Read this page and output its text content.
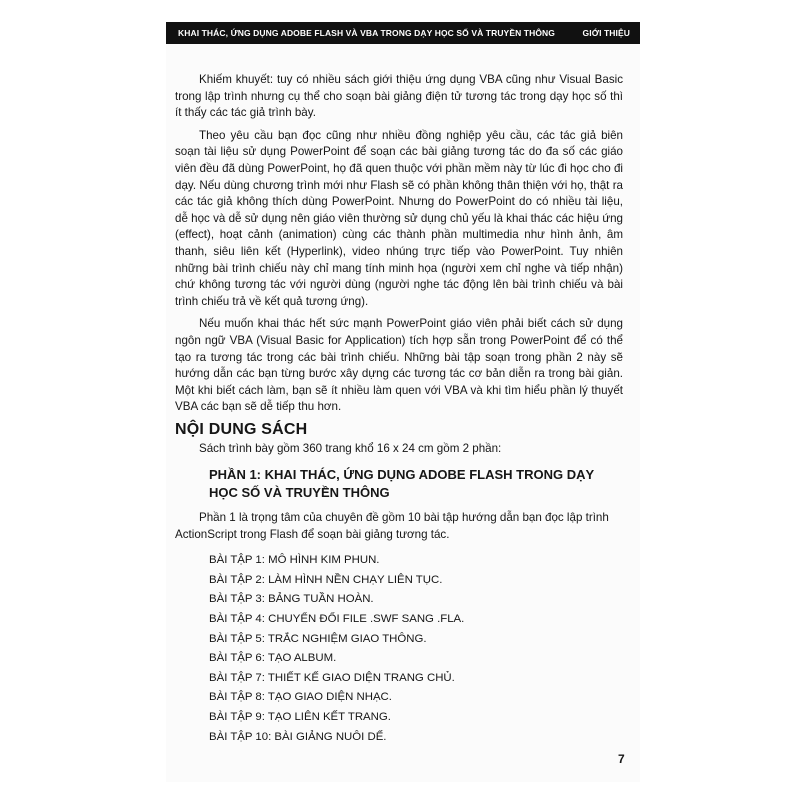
KHAI THÁC, ỨNG DỤNG ADOBE FLASH VÀ VBA TRONG DẠY HỌC SỐ VÀ TRUYỀN THÔNG	GIỚI THIỆU

Khiếm khuyết: tuy có nhiều sách giới thiệu ứng dụng VBA cũng như Visual Basic trong lập trình nhưng cụ thể cho soạn bài giảng điện tử tương tác trong dạy học số thì ít thấy các tác giả trình bày.

Theo yêu cầu bạn đọc cũng như nhiều đồng nghiệp yêu cầu, các tác giả biên soạn tài liệu sử dụng PowerPoint để soạn các bài giảng tương tác do đa số các giáo viên đều đã dùng PowerPoint, họ đã quen thuộc với phần mềm này từ lúc đi học cho đi dạy. Nếu dùng chương trình mới như Flash sẽ có phần không thân thiện với họ, thật ra các tác giả không thích dùng PowerPoint. Nhưng do PowerPoint do có nhiều tài liệu, dễ học và dễ sử dụng nên giáo viên thường sử dụng chủ yếu là khai thác các hiệu ứng (effect), hoạt cảnh (animation) cùng các thành phần multimedia như hình ảnh, âm thanh, siêu liên kết (Hyperlink), video nhúng trực tiếp vào PowerPoint. Tuy nhiên những bài trình chiếu này chỉ mang tính minh họa (người xem chỉ nghe và tiếp nhận) chứ không tương tác với người dùng (người nghe tác động lên bài trình chiếu và bài trình chiếu trả về kết quả tương ứng).

Nếu muốn khai thác hết sức mạnh PowerPoint giáo viên phải biết cách sử dụng ngôn ngữ VBA (Visual Basic for Application) tích hợp sẵn trong PowerPoint để có thể tạo ra tương tác trong các bài trình chiếu. Những bài tập soạn trong phần 2 này sẽ hướng dẫn các bạn từng bước xây dựng các tương tác cơ bản diễn ra trong bài giản. Một khi biết cách làm, bạn sẽ ít nhiều làm quen với VBA và khi tìm hiểu phần lý thuyết VBA các bạn sẽ dễ tiếp thu hơn.

NỘI DUNG SÁCH

Sách trình bày gồm 360 trang khổ 16 x 24 cm gồm 2 phần:

PHẦN 1: KHAI THÁC, ỨNG DỤNG ADOBE FLASH TRONG DẠY HỌC SỐ VÀ TRUYỀN THÔNG

Phần 1 là trọng tâm của chuyên đề gồm 10 bài tập hướng dẫn bạn đọc lập trình ActionScript trong Flash để soạn bài giảng tương tác.

BÀI TẬP 1: MÔ HÌNH KIM PHUN.
BÀI TẬP 2: LÀM HÌNH NỀN CHẠY LIÊN TỤC.
BÀI TẬP 3: BẢNG TUẦN HOÀN.
BÀI TẬP 4: CHUYỂN ĐỔI FILE .SWF SANG .FLA.
BÀI TẬP 5: TRẮC NGHIỆM GIAO THÔNG.
BÀI TẬP 6: TẠO ALBUM.
BÀI TẬP 7: THIẾT KẾ GIAO DIỆN TRANG CHỦ.
BÀI TẬP 8: TẠO GIAO DIỆN NHẠC.
BÀI TẬP 9: TẠO LIÊN KẾT TRANG.
BÀI TẬP 10: BÀI GIẢNG NUÔI DẾ.
7
